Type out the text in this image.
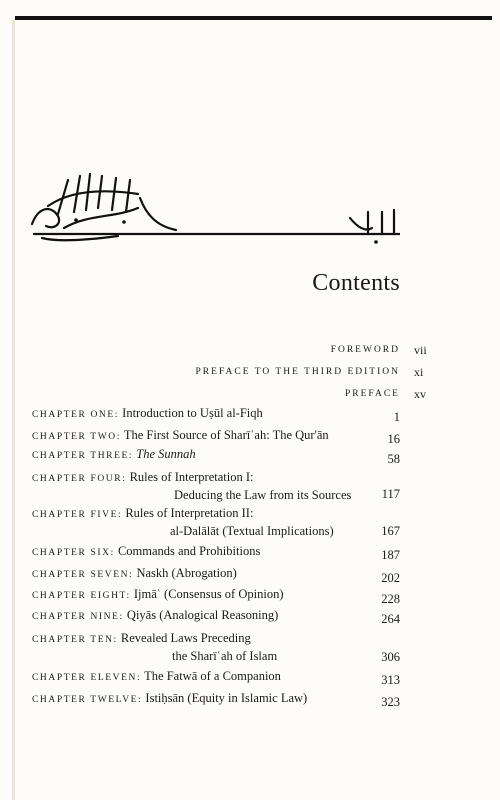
Contents
FOREWORD vii
PREFACE TO THE THIRD EDITION xi
PREFACE xv
CHAPTER ONE: Introduction to Uṣūl al-Fiqh	1
CHAPTER TWO: The First Source of Sharīʿah: The Qur'ān	16
CHAPTER THREE: The Sunnah	58
CHAPTER FOUR: Rules of Interpretation I:
Deducing the Law from its Sources	117
CHAPTER FIVE: Rules of Interpretation II:
al-Dalālāt (Textual Implications)	167
CHAPTER SIX: Commands and Prohibitions	187
CHAPTER SEVEN: Naskh (Abrogation)	202
CHAPTER EIGHT: Ijmāʿ (Consensus of Opinion)	228
CHAPTER NINE: Qiyās (Analogical Reasoning)	264
CHAPTER TEN: Revealed Laws Preceding
the Sharīʿah of Islam	306
CHAPTER ELEVEN: The Fatwā of a Companion	313
CHAPTER TWELVE: Istiḥsān (Equity in Islamic Law)	323
